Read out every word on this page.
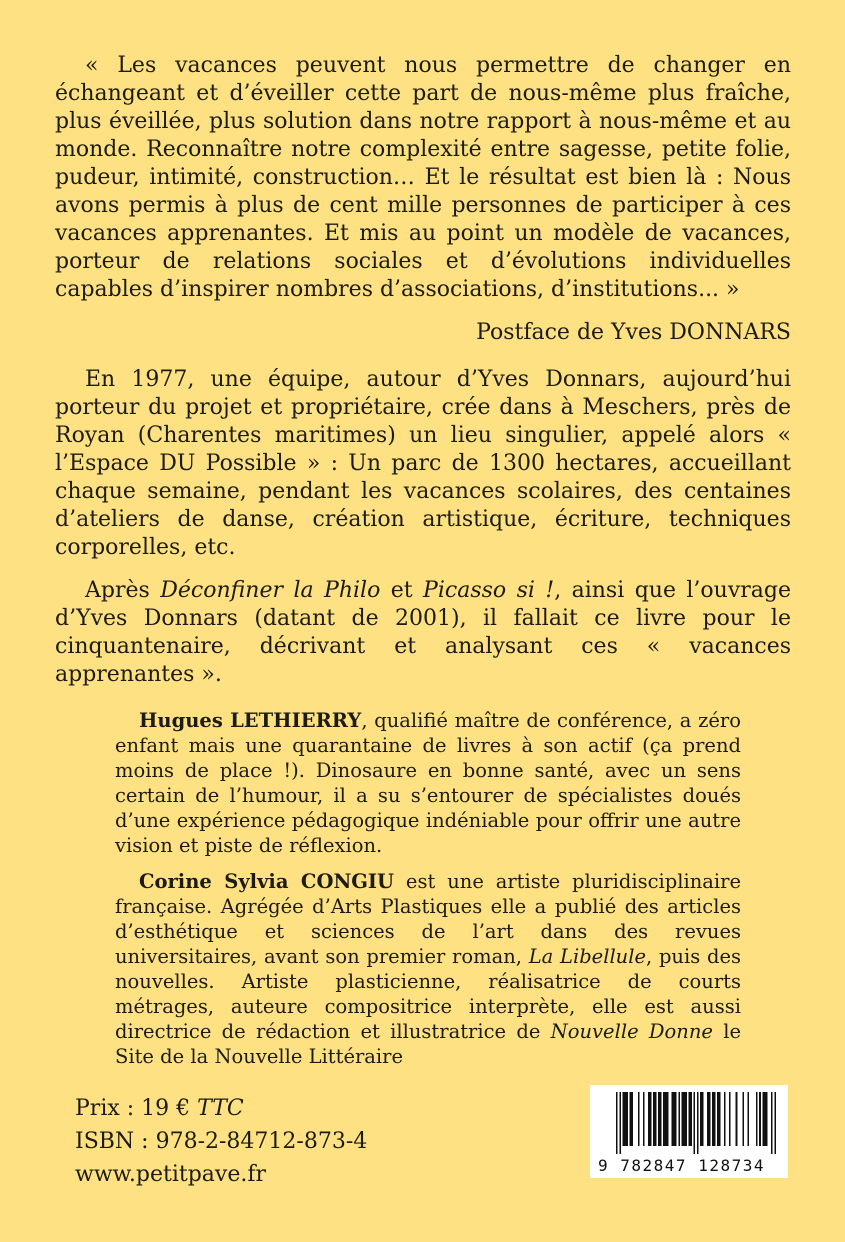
« Les vacances peuvent nous permettre de changer en échangeant et d’éveiller cette part de nous-même plus fraîche, plus éveillée, plus solution dans notre rapport à nous-même et au monde. Reconnaître notre complexité entre sagesse, petite folie, pudeur, intimité, construction… Et le résultat est bien là : Nous avons permis à plus de cent mille personnes de participer à ces vacances apprenantes. Et mis au point un modèle de vacances, porteur de relations sociales et d’évolutions individuelles capables d’inspirer nombres d’associations, d’institutions... »

Postface de Yves DONNARS

En 1977, une équipe, autour d’Yves Donnars, aujourd’hui porteur du projet et propriétaire, crée dans à Meschers, près de Royan (Charentes maritimes) un lieu singulier, appelé alors « l’Espace DU Possible » : Un parc de 1300 hectares, accueillant chaque semaine, pendant les vacances scolaires, des centaines d’ateliers de danse, création artistique, écriture, techniques corporelles, etc.

Après Déconfiner la Philo et Picasso si !, ainsi que l’ouvrage d’Yves Donnars (datant de 2001), il fallait ce livre pour le cinquantenaire, décrivant et analysant ces « vacances apprenantes ».

Hugues LETHIERRY, qualifié maître de conférence, a zéro enfant mais une quarantaine de livres à son actif (ça prend moins de place !). Dinosaure en bonne santé, avec un sens certain de l’humour, il a su s’entourer de spécialistes doués d’une expérience pédagogique indéniable pour offrir une autre vision et piste de réflexion.

Corine Sylvia CONGIU est une artiste pluridisciplinaire française. Agrégée d’Arts Plastiques elle a publié des articles d’esthétique et sciences de l’art dans des revues universitaires, avant son premier roman, La Libellule, puis des nouvelles. Artiste plasticienne, réalisatrice de courts métrages, auteure compositrice interprète, elle est aussi directrice de rédaction et illustratrice de Nouvelle Donne le Site de la Nouvelle Littéraire

Prix : 19 € TTC

ISBN : 978-2-84712-873-4

www.petitpave.fr	9 782847 128734
